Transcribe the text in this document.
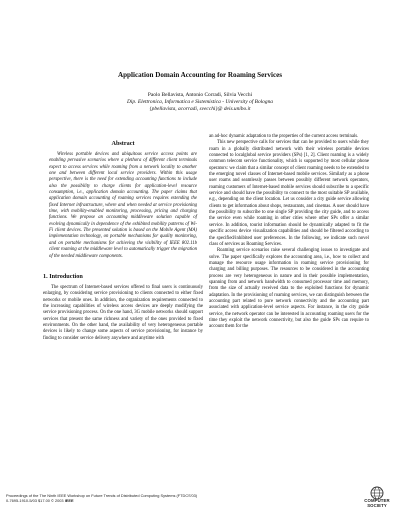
Application Domain Accounting for Roaming Services
Paolo Bellavista, Antonio Corradi, Silvia Vecchi
Dip. Elettronica, Informatica e Sistemistica - University of Bologna
{pbellavista, acorradi, svecchi}@ deis.unibo.it
Abstract
Wireless portable devices and ubiquitous service access points are enabling pervasive scenarios where a plethora of different client terminals expect to access services while roaming from a network locality to another one and between different local service providers. Within this usage perspective, there is the need for extending accounting functions to include also the possibility to charge clients for application-level resource consumption, i.e., application domain accounting. The paper claims that application domain accounting of roaming services requires extending the fixed Internet infrastructure, where and when needed at service provisioning time, with mobility-enabled monitoring, processing, pricing and charging functions. We propose an accounting middleware solution capable of evolving dynamically in dependence of the exhibited mobility patterns of Wi-Fi client devices. The presented solution is based on the Mobile Agent (MA) implementation technology, on portable mechanisms for quality monitoring, and on portable mechanisms for achieving the visibility of IEEE 802.11b client roaming at the middleware level to automatically trigger the migration of the needed middleware components.
1. Introduction
The spectrum of Internet-based services offered to final users is continuously enlarging, by considering service provisioning to clients connected to either fixed networks or mobile ones. In addition, the organization requirements connected to the increasing capabilities of wireless access devices are deeply modifying the service provisioning process. On the one hand, 3G mobile networks should support services that present the same richness and variety of the ones provided to fixed environments. On the other hand, the availability of very heterogeneous portable devices is likely to change some aspects of service provisioning, for instance by finding to consider service delivery anywhere and anytime with
an ad-hoc dynamic adaptation to the properties of the current access terminals.
This new perspective calls for services that can be provided to users while they roam in a globally distributed network with their wireless portable devices connected to localglobal service providers (SPs) [1, 2]. Client roaming is a widely common telecom service functionality, which is supported by most cellular phone operators: we claim that a similar concept of client roaming needs to be extended to the emerging novel classes of Internet-based mobile services. Similarly as a phone user roams and seamlessly passes between possibly different network operators, roaming customers of Internet-based mobile services should subscribe to a specific service and should have the possibility to connect to the most suitable SP available, e.g., depending on the client location. Let us consider a city guide service allowing clients to get information about shops, restaurants, and cinemas. A user should have the possibility to subscribe to one single SP providing the city guide, and to access the service even while roaming in other cities where other SPs offer a similar service. In addition, tourist information should be dynamically adapted to fit the specific access device visualization capabilities and should be filtered according to the specified/inhibited user preferences. In the following, we indicate such novel class of services as Roaming Services.
Roaming service scenarios raise several challenging issues to investigate and solve. The paper specifically explores the accounting area, i.e., how to collect and manage the resource usage information in roaming service provisioning for charging and billing purposes. The resources to be considered in the accounting process are very heterogeneous in nature and in their possible implementation, spanning from and network bandwidth to consumed processor time and memory, from the size of actually received data to the exploited functions for dynamic adaptation. In the provisioning of roaming services, we can distinguish between the accounting part related to pure network connectivity and the accounting part associated with application-level service aspects. For instance, in the city guide service, the network operator can be interested in accounting roaming users for the time they exploit the network connectivity, but also the guide SPs can require to account them for the
Proceedings of the The Ninth IEEE Workshop on Future Trends of Distributed Computing Systems (FTDCS'03)
0-7695-1910-5/03 $17.00 © 2003 IEEE	COMPUTER
SOCIETY
